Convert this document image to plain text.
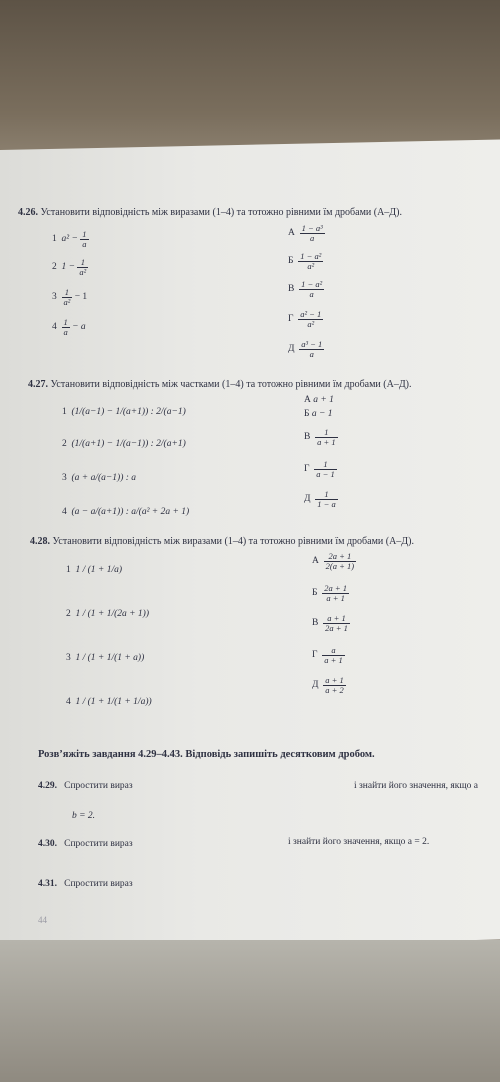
4.26. Установити відповідність між виразами (1–4) та тотожно рівними їм дробами (А–Д).
1 $a^2 - \frac{1}{a}$
2 $1 - \frac{1}{\text{a²}}$
$3 \frac{1}{\text{a²}} - 1$
$4 \frac{1}{a} - a$
А $\frac{\text{1 − a³}}{a}$
Б $\frac{\text{1 − a²}}{\text{a²}}$
В $\frac{\text{1 − a²}}{a}$
Г $\frac{\text{a² − 1}}{\text{a²}}$
Д $\frac{\text{a³ − 1}}{a}$
4.27. Установити відповідність між частками (1–4) та тотожно рівними їм дробами (А–Д).
1 (1/(a−1) − 1/(a+1)) : 2/(a−1)
2 (1/(a+1) − 1/(a−1)) : 2/(a+1)
3 (a + a/(a−1)) : a
4 (a − a/(a+1)) : a/(a² + 2a + 1)
А a + 1
Б a − 1
В $\frac{1}{a + 1}$
Г $\frac{1}{a - 1}$
Д $\frac{1}{1 - a}$
4.28. Установити відповідність між виразами (1–4) та тотожно рівними їм дробами (А–Д).
1 1 / (1 + 1/a)
2 1 / (1 + 1/(2a + 1))
3 1 / (1 + 1/(1 + a))
4 1 / (1 + 1/(1 + 1/a))
А $\frac{2a + 1}{2(a + 1)}$
Б $\frac{2a + 1}{a + 1}$
В $\frac{a + 1}{2a + 1}$
Г $\frac{a}{a + 1}$
Д $\frac{a + 1}{a + 2}$
Розв’яжіть завдання 4.29–4.43. Відповідь запишіть десятковим дробом.
4.29. Спростити вираз	і знайти його значення, якщо а
b = 2.
4.30. Спростити вираз	і знайти його значення, якщо а = 2.
4.31. Спростити вираз
44
